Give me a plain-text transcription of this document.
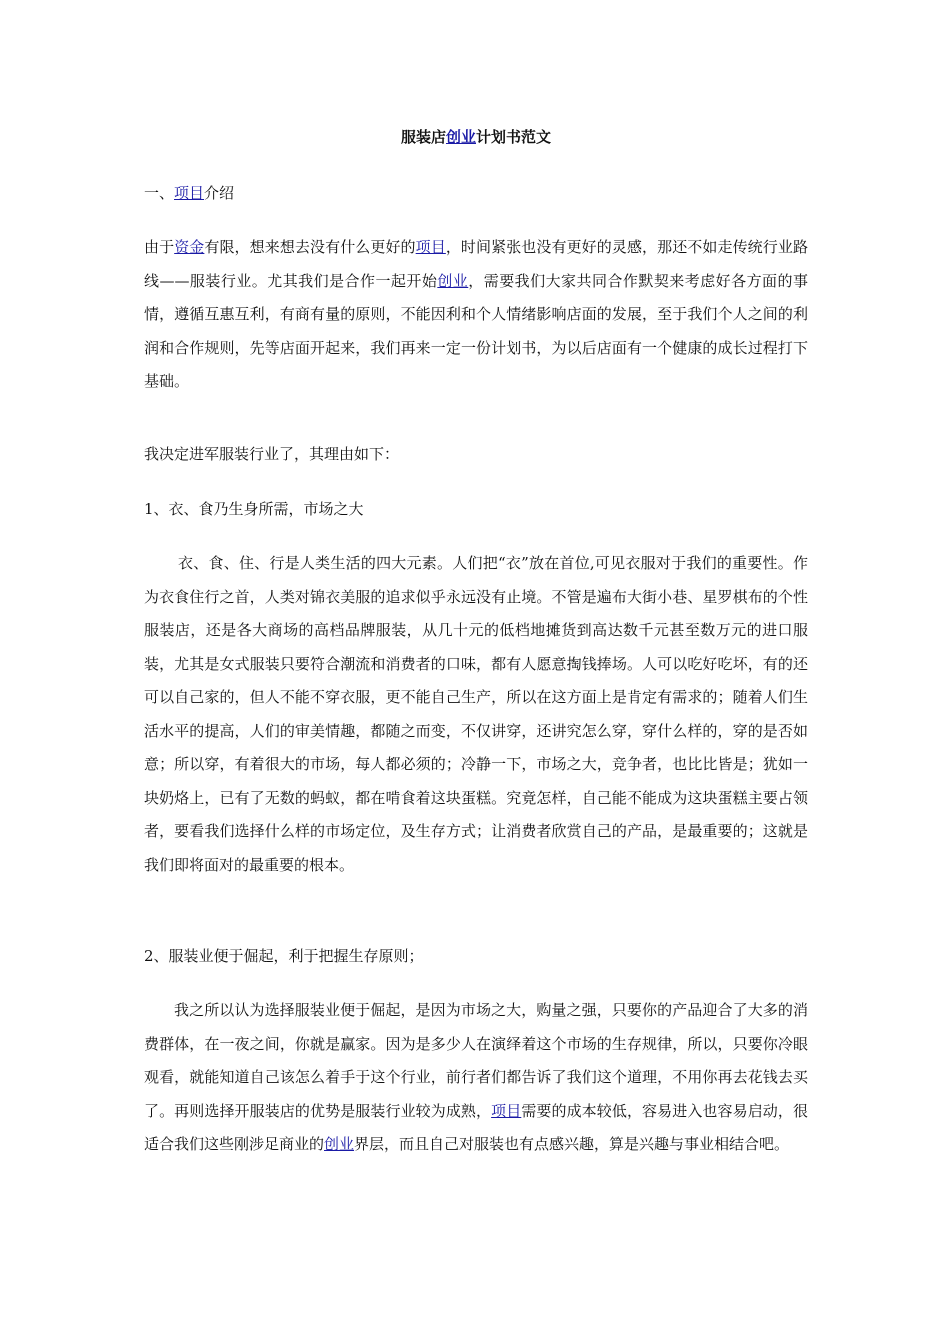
服装店创业计划书范文
一、项目介绍
由于资金有限，想来想去没有什么更好的项目，时间紧张也没有更好的灵感，那还不如走传统行业路线——服装行业。尤其我们是合作一起开始创业，需要我们大家共同合作默契来考虑好各方面的事情，遵循互惠互利，有商有量的原则，不能因利和个人情绪影响店面的发展，至于我们个人之间的利润和合作规则，先等店面开起来，我们再来一定一份计划书，为以后店面有一个健康的成长过程打下基础。
我决定进军服装行业了，其理由如下：
1、衣、食乃生身所需，市场之大
衣、食、住、行是人类生活的四大元素。人们把“衣”放在首位,可见衣服对于我们的重要性。作为衣食住行之首，人类对锦衣美服的追求似乎永远没有止境。不管是遍布大街小巷、星罗棋布的个性服装店，还是各大商场的高档品牌服装，从几十元的低档地摊货到高达数千元甚至数万元的进口服装，尤其是女式服装只要符合潮流和消费者的口味，都有人愿意掏钱捧场。人可以吃好吃坏，有的还可以自己家的，但人不能不穿衣服，更不能自己生产，所以在这方面上是肯定有需求的；随着人们生活水平的提高，人们的审美情趣，都随之而变，不仅讲穿，还讲究怎么穿，穿什么样的，穿的是否如意；所以穿，有着很大的市场，每人都必须的；冷静一下，市场之大，竞争者，也比比皆是；犹如一块奶烙上，已有了无数的蚂蚁，都在啃食着这块蛋糕。究竟怎样，自己能不能成为这块蛋糕主要占领者，要看我们选择什么样的市场定位，及生存方式；让消费者欣赏自己的产品，是最重要的；这就是我们即将面对的最重要的根本。
2、服装业便于倔起，利于把握生存原则；
我之所以认为选择服装业便于倔起，是因为市场之大，购量之强，只要你的产品迎合了大多的消费群体，在一夜之间，你就是赢家。因为是多少人在演绎着这个市场的生存规律，所以，只要你冷眼观看，就能知道自己该怎么着手于这个行业，前行者们都告诉了我们这个道理，不用你再去花钱去买了。再则选择开服装店的优势是服装行业较为成熟，项目需要的成本较低，容易进入也容易启动，很适合我们这些刚涉足商业的创业界层，而且自己对服装也有点感兴趣，算是兴趣与事业相结合吧。
